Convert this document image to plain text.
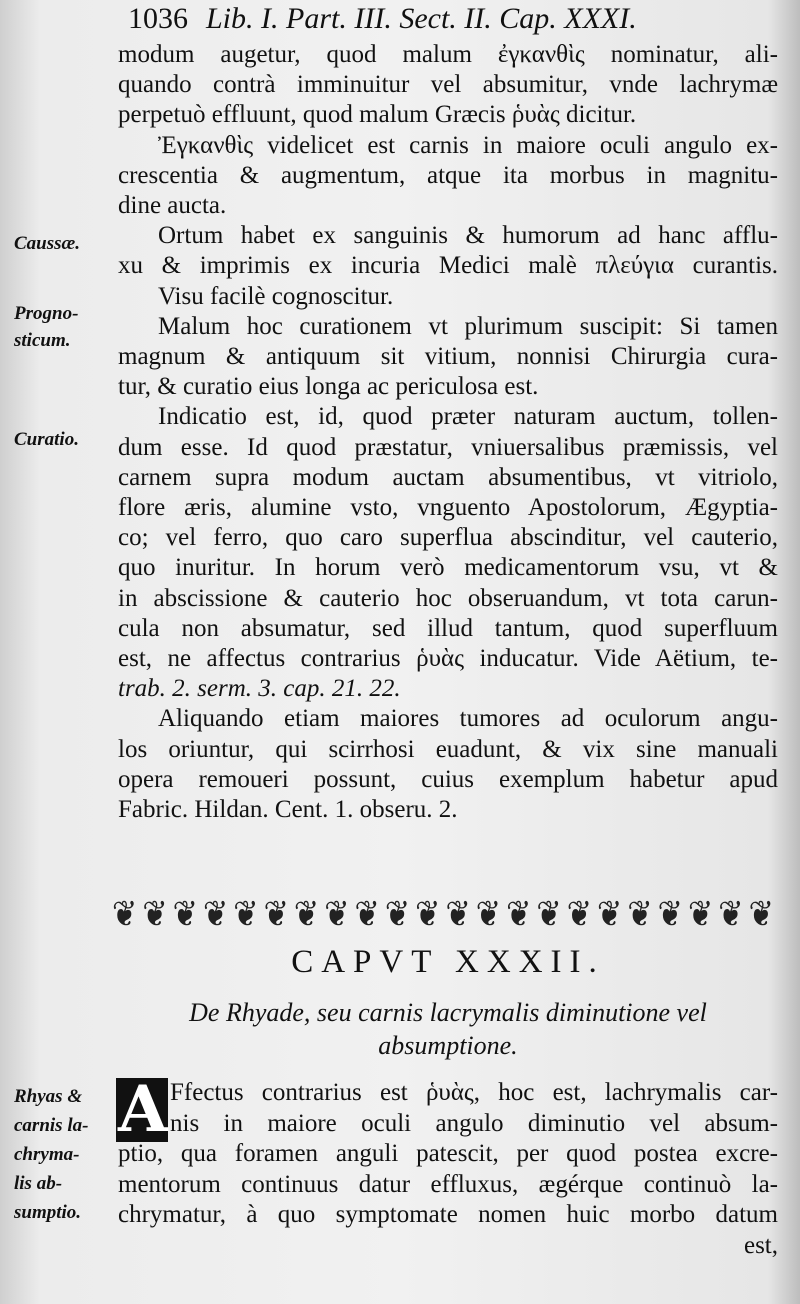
1036 Lib. I. Part. III. Sect. II. Cap. XXXI.
Caussæ.
Progno-
sticum.
Curatio.
Rhyas &
carnis la-
chryma-
lis ab-
sumptio.
modum augetur, quod malum ἐγκανθὶς nominatur, ali-
quando contrà imminuitur vel absumitur, vnde lachrymæ
perpetuò effluunt, quod malum Græcis ῥυὰς dicitur.
Ἐγκανθὶς videlicet est carnis in maiore oculi angulo ex-
crescentia & augmentum, atque ita morbus in magnitu-
dine aucta.
Ortum habet ex sanguinis & humorum ad hanc afflu-
xu & imprimis ex incuria Medici malè πλεύγια curantis.
Visu facilè cognoscitur.
Malum hoc curationem vt plurimum suscipit: Si tamen
magnum & antiquum sit vitium, nonnisi Chirurgia cura-
tur, & curatio eius longa ac periculosa est.
Indicatio est, id, quod præter naturam auctum, tollen-
dum esse. Id quod præstatur, vniuersalibus præmissis, vel
carnem supra modum auctam absumentibus, vt vitriolo,
flore æris, alumine vsto, vnguento Apostolorum, Ægyptia-
co; vel ferro, quo caro superflua abscinditur, vel cauterio,
quo inuritur. In horum verò medicamentorum vsu, vt &
in abscissione & cauterio hoc obseruandum, vt tota carun-
cula non absumatur, sed illud tantum, quod superfluum
est, ne affectus contrarius ῥυὰς inducatur. Vide Aëtium, te-
trab. 2. serm. 3. cap. 21. 22.
Aliquando etiam maiores tumores ad oculorum angu-
los oriuntur, qui scirrhosi euadunt, & vix sine manuali
opera remoueri possunt, cuius exemplum habetur apud
Fabric. Hildan. Cent. 1. obseru. 2.
❦ ❦ ❦ ❦ ❦ ❦ ❦ ❦ ❦ ❦ ❦ ❦ ❦ ❦ ❦ ❦ ❦ ❦ ❦ ❦ ❦ ❦
CAPVT XXXII.
De Rhyade, seu carnis lacrymalis diminutione vel
absumptione.
A Ffectus contrarius est ῥυὰς, hoc est, lachrymalis car-
nis in maiore oculi angulo diminutio vel absum-
ptio, qua foramen anguli patescit, per quod postea excre-
mentorum continuus datur effluxus, ægérque continuò la-
chrymatur, à quo symptomate nomen huic morbo datum
est,
